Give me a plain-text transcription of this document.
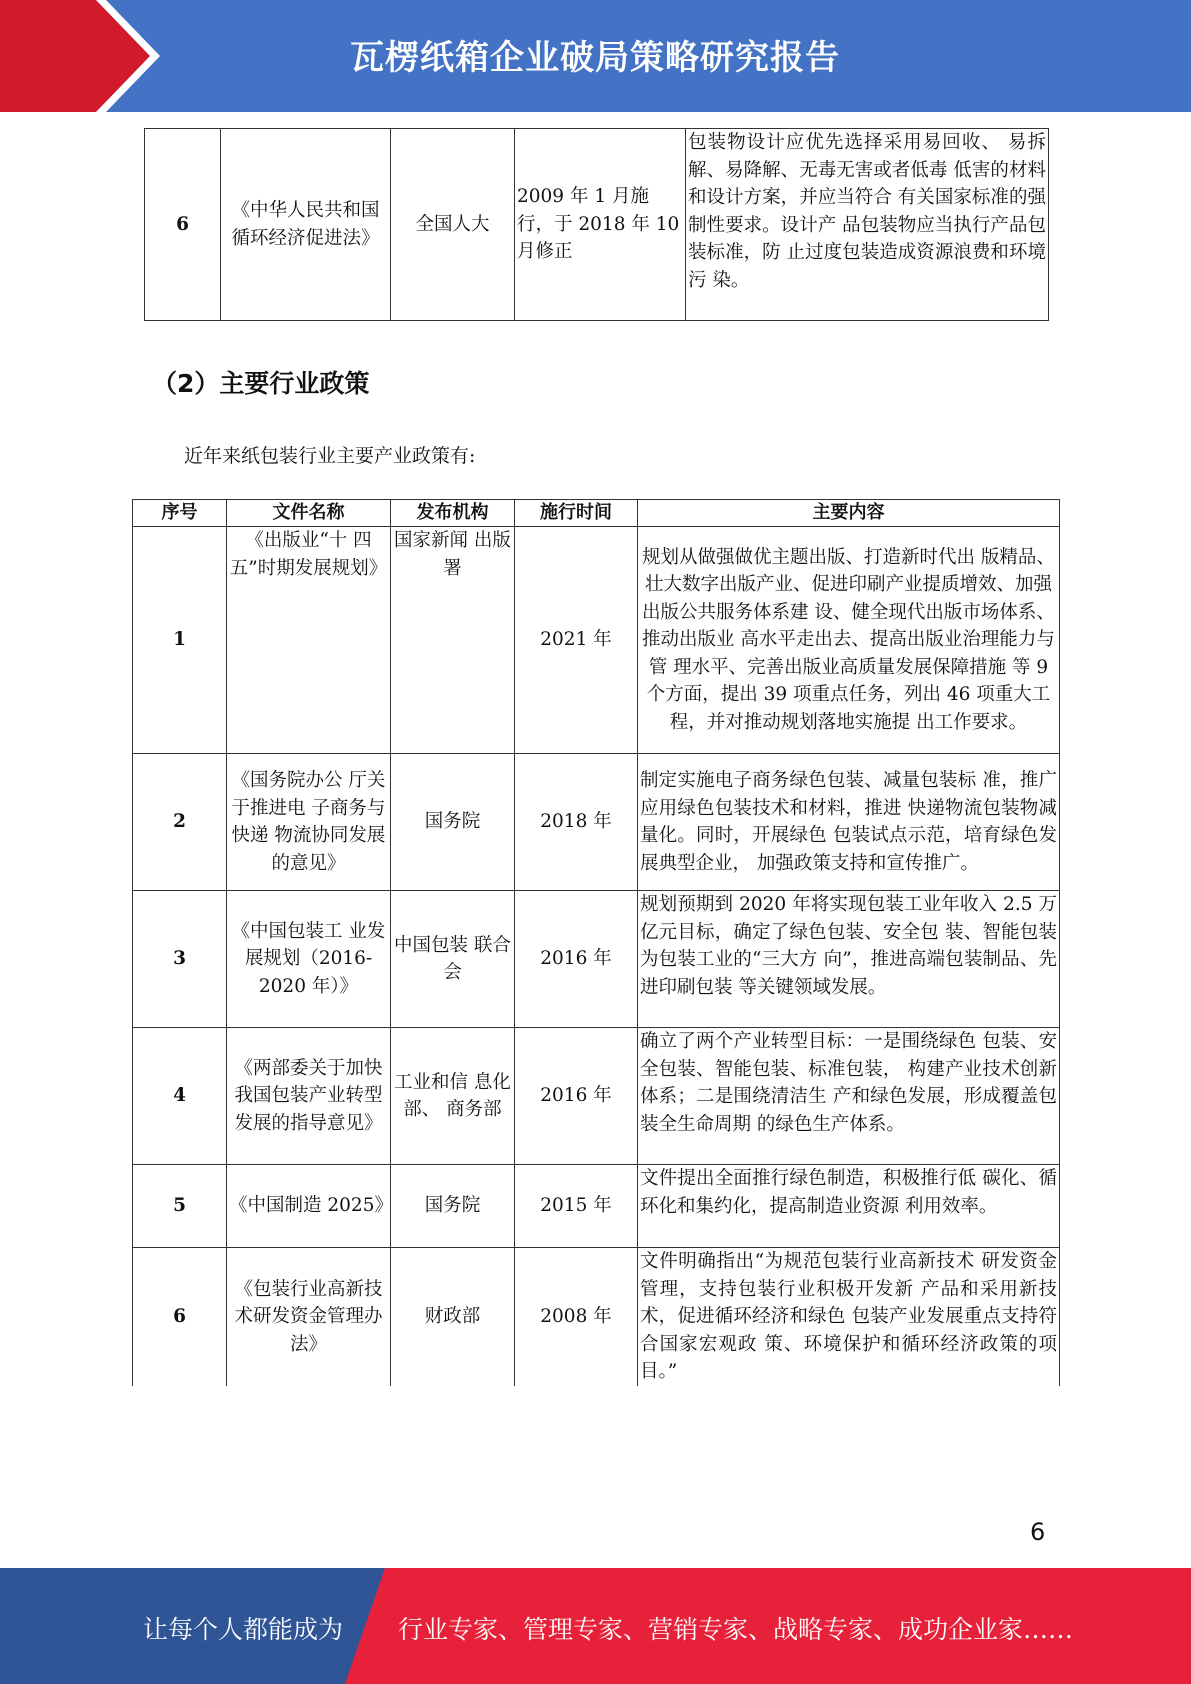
瓦楞纸箱企业破局策略研究报告
6	《中华人民共和国循环经济促进法》	全国人大	2009 年 1 月施行，于 2018 年 10 月修正	包装物设计应优先选择采用易回收、 易拆解、易降解、无毒无害或者低毒 低害的材料和设计方案，并应当符合 有关国家标准的强制性要求。设计产 品包装物应当执行产品包装标准，防 止过度包装造成资源浪费和环境污 染。
（2）主要行业政策
近年来纸包装行业主要产业政策有:
序号	文件名称	发布机构	施行时间	主要内容
1	《出版业“十 四五”时期发展规划》	国家新闻 出版署	2021 年	规划从做强做优主题出版、打造新时代出 版精品、壮大数字出版产业、促进印刷产业提质增效、加强出版公共服务体系建 设、健全现代出版市场体系、推动出版业 高水平走出去、提高出版业治理能力与管 理水平、完善出版业高质量发展保障措施 等 9 个方面，提出 39 项重点任务，列出 46 项重大工程，并对推动规划落地实施提 出工作要求。
2	《国务院办公 厅关于推进电 子商务与快递 物流协同发展 的意见》	国务院	2018 年	制定实施电子商务绿色包装、减量包装标 准，推广应用绿色包装技术和材料，推进 快递物流包装物减量化。同时，开展绿色 包装试点示范，培育绿色发展典型企业， 加强政策支持和宣传推广。
3	《中国包装工 业发展规划（2016-2020 年）》	中国包装 联合会	2016 年	规划预期到 2020 年将实现包装工业年收入 2.5 万亿元目标，确定了绿色包装、安全包 装、智能包装为包装工业的“三大方 向”，推进高端包装制品、先进印刷包装 等关键领域发展。
4	《两部委关于加快我国包装产业转型发展的指导意见》	工业和信 息化部、 商务部	2016 年	确立了两个产业转型目标：一是围绕绿色 包装、安全包装、智能包装、标准包装， 构建产业技术创新体系；二是围绕清洁生 产和绿色发展，形成覆盖包装全生命周期 的绿色生产体系。
5	《中国制造 2025》	国务院	2015 年	文件提出全面推行绿色制造，积极推行低 碳化、循环化和集约化，提高制造业资源 利用效率。
6	《包装行业高新技术研发资金管理办法》	财政部	2008 年	文件明确指出“为规范包装行业高新技术 研发资金管理，支持包装行业积极开发新 产品和采用新技术，促进循环经济和绿色 包装产业发展重点支持符合国家宏观政 策、环境保护和循环经济政策的项目。”
6
让每个人都能成为 行业专家、管理专家、营销专家、战略专家、成功企业家……
